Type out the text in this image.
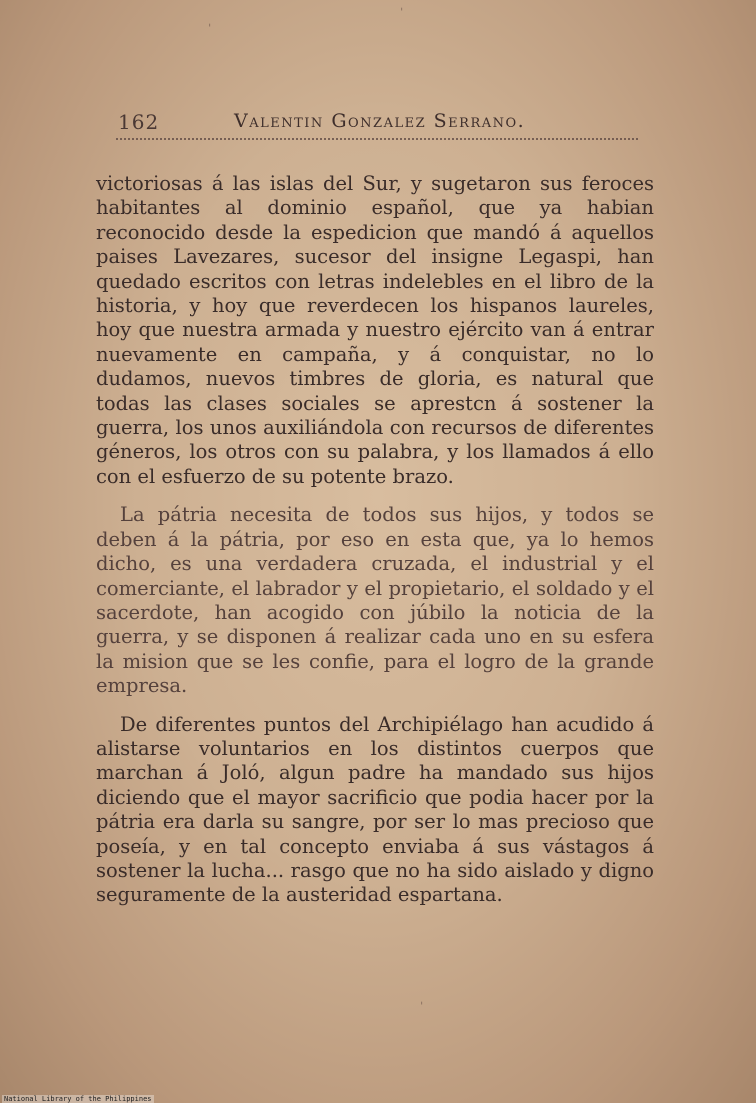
162	Valentin Gonzalez Serrano.

victoriosas á las islas del Sur, y sugetaron sus feroces habitantes al dominio español, que ya habian reconocido desde la espedicion que mandó á aquellos paises Lavezares, sucesor del insigne Legaspi, han quedado escritos con letras indelebles en el libro de la historia, y hoy que reverdecen los hispanos laureles, hoy que nuestra armada y nuestro ejército van á entrar nuevamente en campaña, y á conquistar, no lo dudamos, nuevos timbres de gloria, es natural que todas las clases sociales se aprestcn á sostener la guerra, los unos auxiliándola con recursos de diferentes géneros, los otros con su palabra, y los llamados á ello con el esfuerzo de su potente brazo.

La pátria necesita de todos sus hijos, y todos se deben á la pátria, por eso en esta que, ya lo hemos dicho, es una verdadera cruzada, el industrial y el comerciante, el labrador y el propietario, el soldado y el sacerdote, han acogido con júbilo la noticia de la guerra, y se disponen á realizar cada uno en su esfera la mision que se les confie, para el logro de la grande empresa.

De diferentes puntos del Archipiélago han acudido á alistarse voluntarios en los distintos cuerpos que marchan á Joló, algun padre ha mandado sus hijos diciendo que el mayor sacrificio que podia hacer por la pátria era darla su sangre, por ser lo mas precioso que poseía, y en tal concepto enviaba á sus vástagos á sostener la lucha... rasgo que no ha sido aislado y digno seguramente de la austeridad espartana.

ˈ
ˌ
ˌ
National Library of the Philippines
